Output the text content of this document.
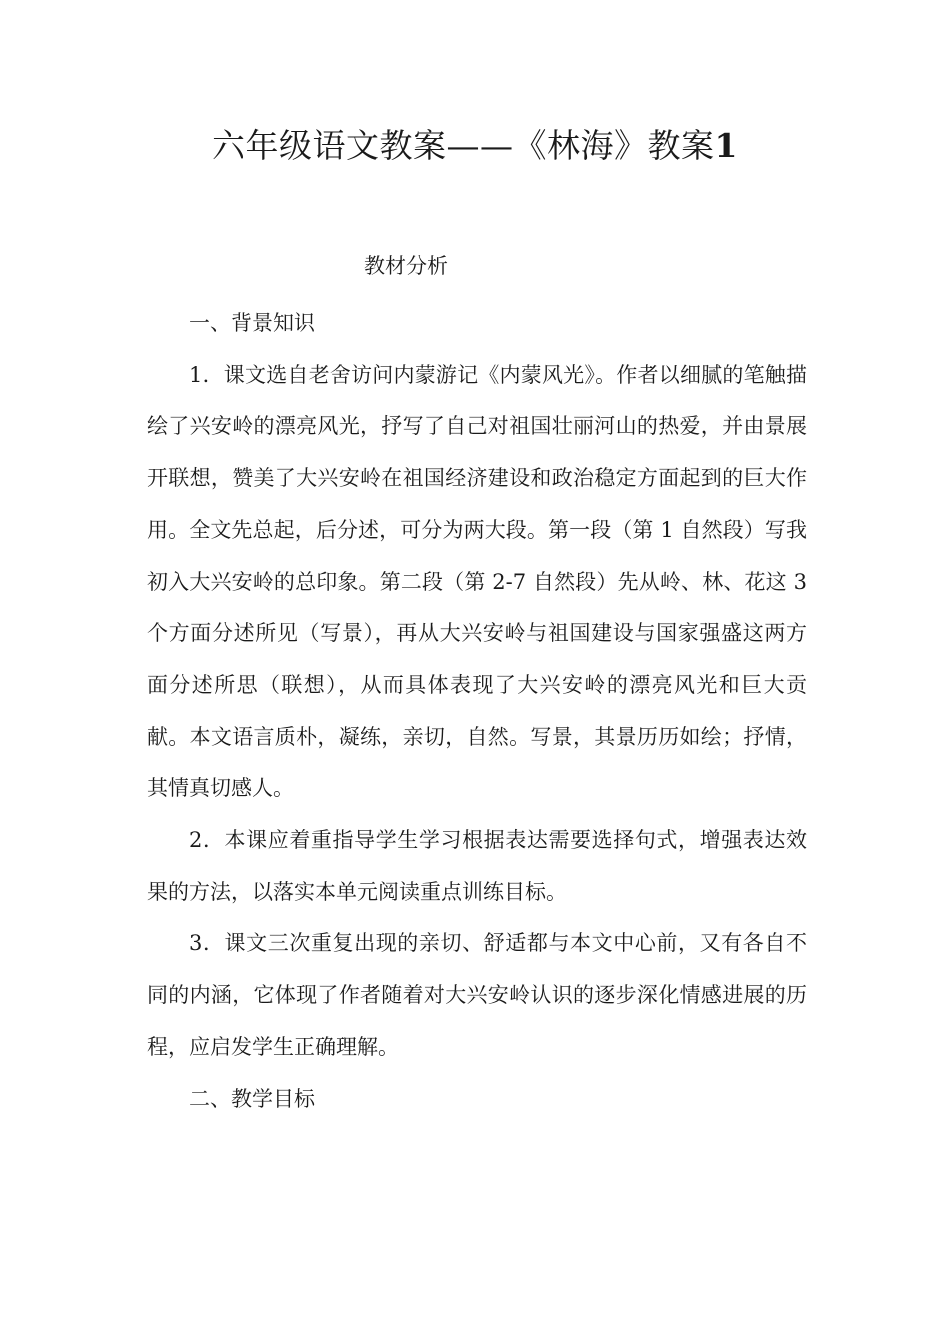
六年级语文教案——《林海》教案1
教材分析

一、背景知识

1．课文选自老舍访问内蒙游记《内蒙风光》。作者以细腻的笔触描绘了兴安岭的漂亮风光，抒写了自己对祖国壮丽河山的热爱，并由景展开联想，赞美了大兴安岭在祖国经济建设和政治稳定方面起到的巨大作用。全文先总起，后分述，可分为两大段。第一段（第 1 自然段）写我初入大兴安岭的总印象。第二段（第 2-7 自然段）先从岭、林、花这 3 个方面分述所见（写景），再从大兴安岭与祖国建设与国家强盛这两方面分述所思（联想），从而具体表现了大兴安岭的漂亮风光和巨大贡献。本文语言质朴，凝练，亲切，自然。写景，其景历历如绘；抒情，其情真切感人。

2．本课应着重指导学生学习根据表达需要选择句式，增强表达效果的方法，以落实本单元阅读重点训练目标。

3．课文三次重复出现的亲切、舒适都与本文中心前，又有各自不同的内涵，它体现了作者随着对大兴安岭认识的逐步深化情感进展的历程，应启发学生正确理解。

二、教学目标
